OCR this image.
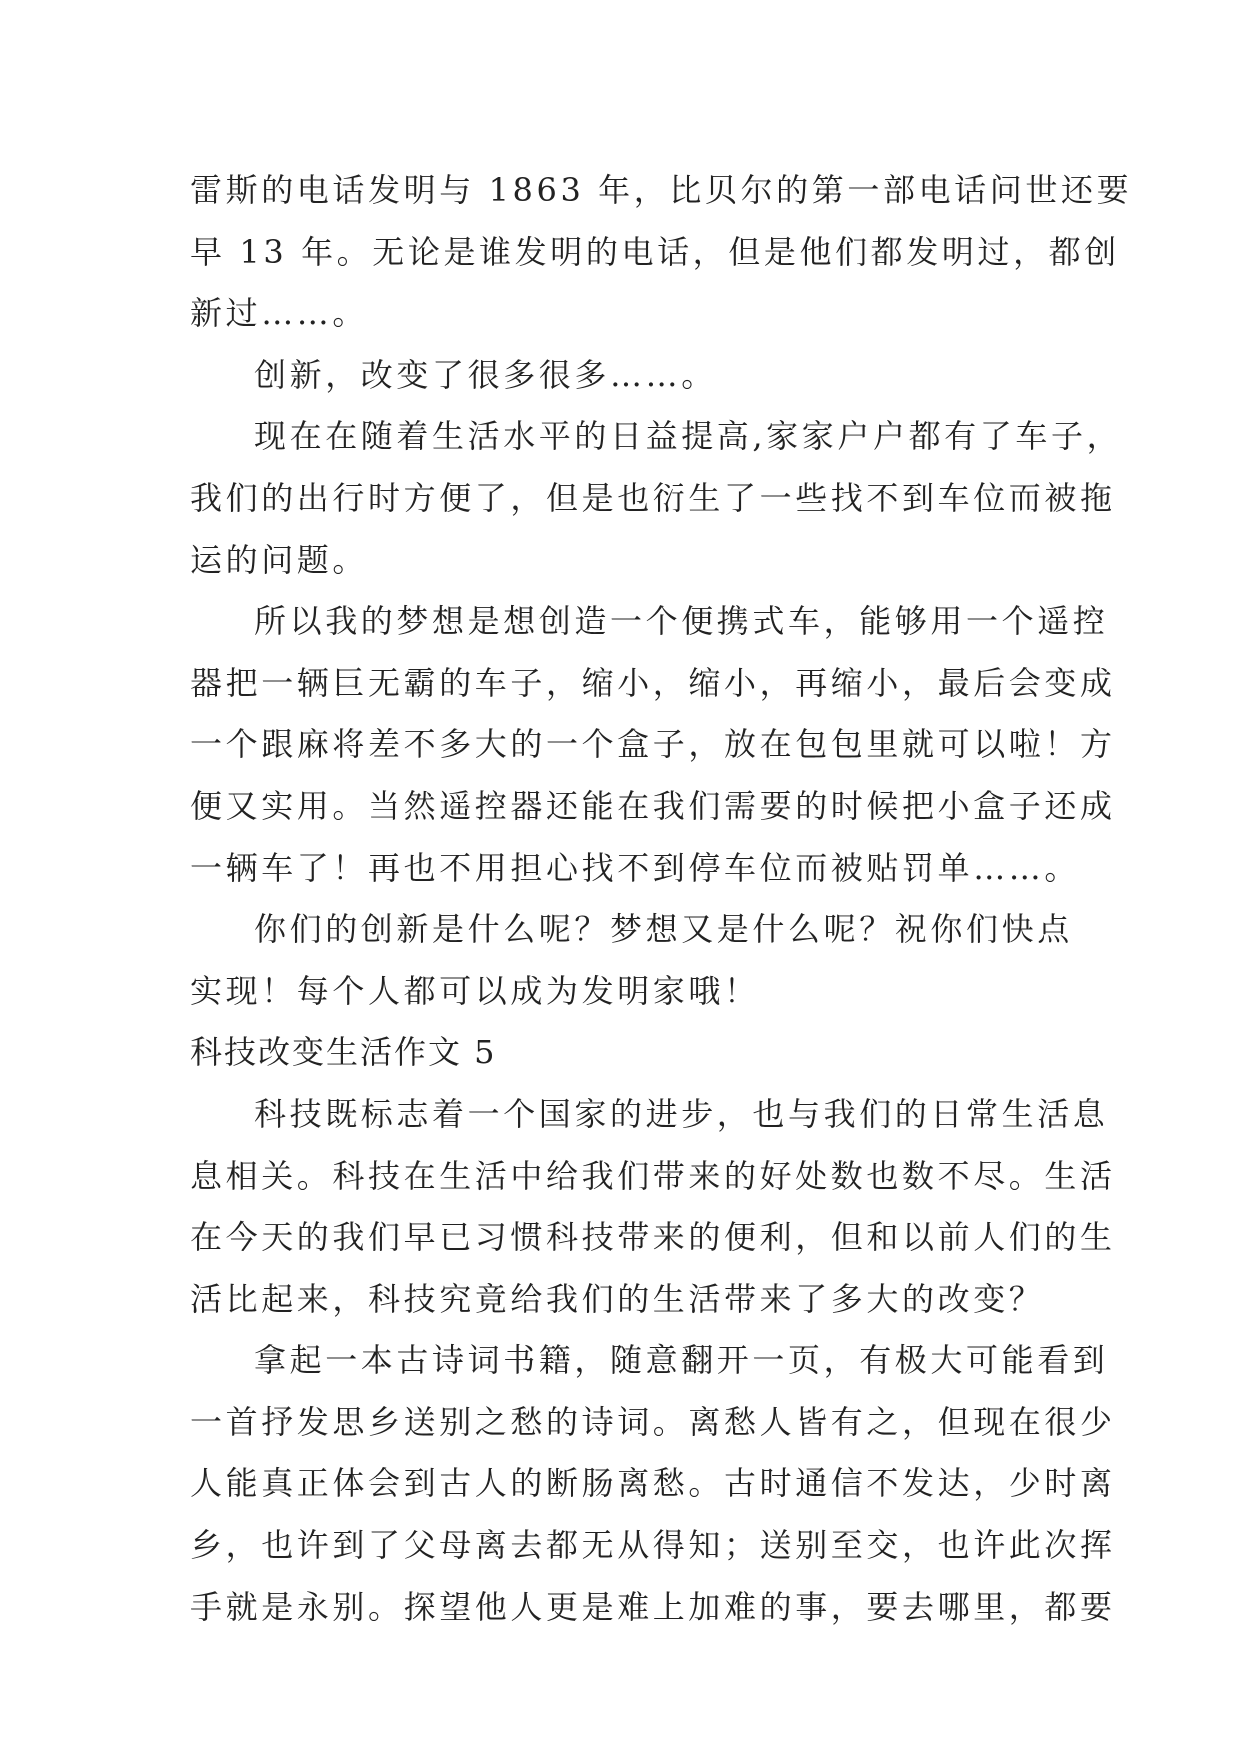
雷斯的电话发明与 1863 年，比贝尔的第一部电话问世还要
早 13 年。无论是谁发明的电话，但是他们都发明过，都创
新过……。
创新，改变了很多很多……。
现在在随着生活水平的日益提高,家家户户都有了车子，
我们的出行时方便了，但是也衍生了一些找不到车位而被拖
运的问题。
所以我的梦想是想创造一个便携式车，能够用一个遥控
器把一辆巨无霸的车子，缩小，缩小，再缩小，最后会变成
一个跟麻将差不多大的一个盒子，放在包包里就可以啦！方
便又实用。当然遥控器还能在我们需要的时候把小盒子还成
一辆车了！再也不用担心找不到停车位而被贴罚单……。
你们的创新是什么呢？梦想又是什么呢？祝你们快点
实现！每个人都可以成为发明家哦！
科技改变生活作文 5
科技既标志着一个国家的进步，也与我们的日常生活息
息相关。科技在生活中给我们带来的好处数也数不尽。生活
在今天的我们早已习惯科技带来的便利，但和以前人们的生
活比起来，科技究竟给我们的生活带来了多大的改变？
拿起一本古诗词书籍，随意翻开一页，有极大可能看到
一首抒发思乡送别之愁的诗词。离愁人皆有之，但现在很少
人能真正体会到古人的断肠离愁。古时通信不发达，少时离
乡，也许到了父母离去都无从得知；送别至交，也许此次挥
手就是永别。探望他人更是难上加难的事，要去哪里，都要
